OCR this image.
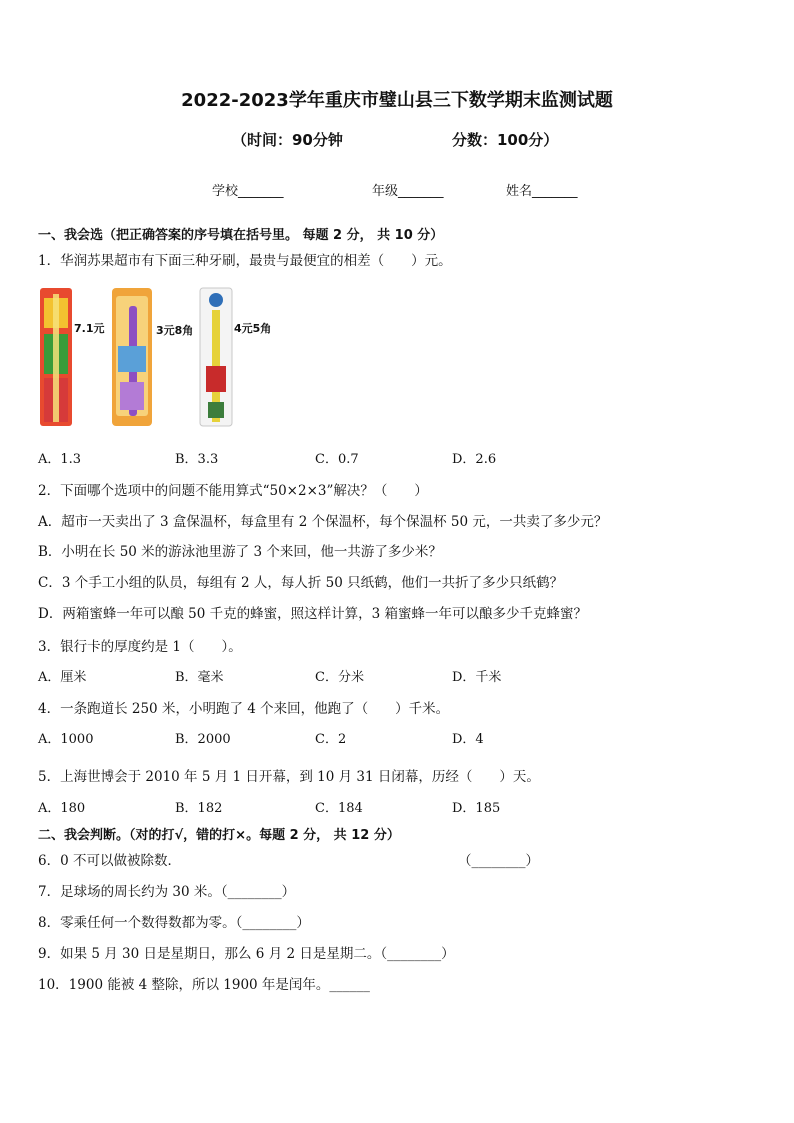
2022-2023学年重庆市璧山县三下数学期末监测试题
（时间：90分钟	分数：100分）
学校_______	年级_______	姓名_______
一、我会选（把正确答案的序号填在括号里。 每题 2 分， 共 10 分）
1．华润苏果超市有下面三种牙刷，最贵与最便宜的相差（　　）元。
7.1元	3元8角	4元5角
A．1.3	B．3.3	C．0.7	D．2.6
2．下面哪个选项中的问题不能用算式“50×2×3”解决？（　　）
A．超市一天卖出了 3 盒保温杯，每盒里有 2 个保温杯，每个保温杯 50 元，一共卖了多少元？
B．小明在长 50 米的游泳池里游了 3 个来回，他一共游了多少米？
C．3 个手工小组的队员，每组有 2 人，每人折 50 只纸鹤，他们一共折了多少只纸鹤？
D．两箱蜜蜂一年可以酿 50 千克的蜂蜜，照这样计算，3 箱蜜蜂一年可以酿多少千克蜂蜜？
3．银行卡的厚度约是 1（　　）。
A．厘米	B．毫米	C．分米	D．千米
4．一条跑道长 250 米，小明跑了 4 个来回，他跑了（　　）千米。
A．1000	B．2000	C．2	D．4
5．上海世博会于 2010 年 5 月 1 日开幕，到 10 月 31 日闭幕，历经（　　）天。
A．180	B．182	C．184	D．185
二、我会判断。（对的打√，错的打×。每题 2 分， 共 12 分）
6．0 不可以做被除数．	（________）
7．足球场的周长约为 30 米。（________）
8．零乘任何一个数得数都为零。（________）
9．如果 5 月 30 日是星期日，那么 6 月 2 日是星期二。（________）
10．1900 能被 4 整除，所以 1900 年是闰年。______
